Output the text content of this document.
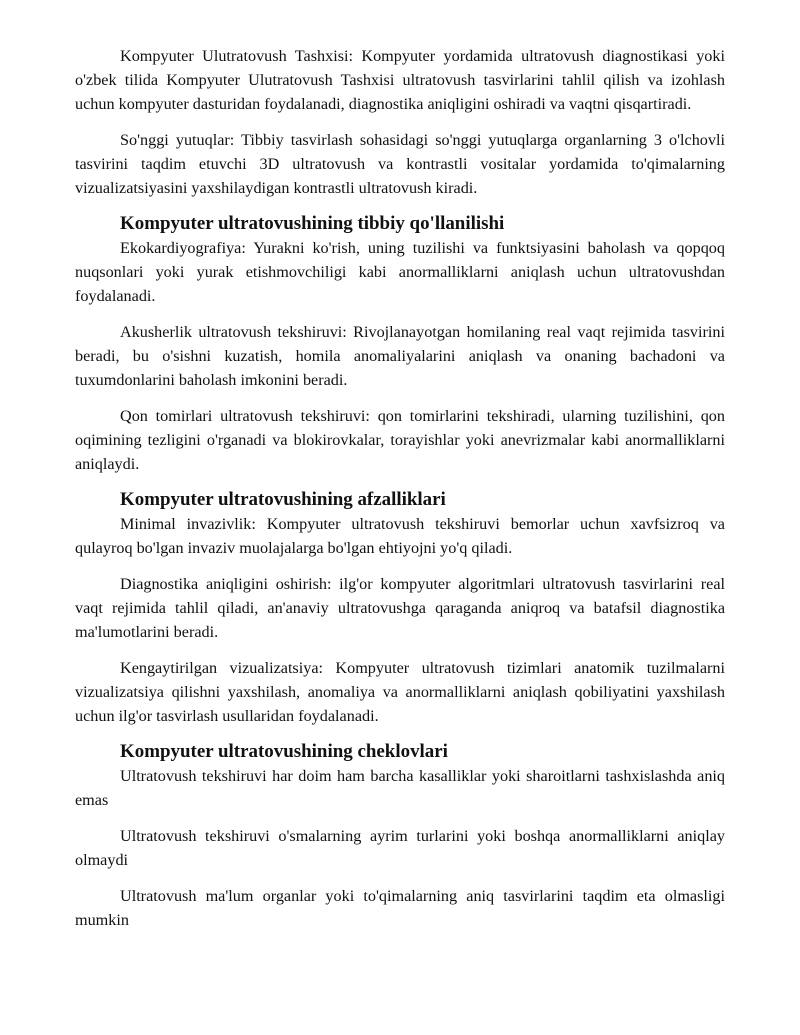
Kompyuter Ulutratovush Tashxisi: Kompyuter yordamida ultratovush diagnostikasi yoki o'zbek tilida Kompyuter Ulutratovush Tashxisi ultratovush tasvirlarini tahlil qilish va izohlash uchun kompyuter dasturidan foydalanadi, diagnostika aniqligini oshiradi va vaqtni qisqartiradi.

So'nggi yutuqlar: Tibbiy tasvirlash sohasidagi so'nggi yutuqlarga organlarning 3 o'lchovli tasvirini taqdim etuvchi 3D ultratovush va kontrastli vositalar yordamida to'qimalarning vizualizatsiyasini yaxshilaydigan kontrastli ultratovush kiradi.

Kompyuter ultratovushining tibbiy qo'llanilishi

Ekokardiyografiya: Yurakni ko'rish, uning tuzilishi va funktsiyasini baholash va qopqoq nuqsonlari yoki yurak etishmovchiligi kabi anormalliklarni aniqlash uchun ultratovushdan foydalanadi.

Akusherlik ultratovush tekshiruvi: Rivojlanayotgan homilaning real vaqt rejimida tasvirini beradi, bu o'sishni kuzatish, homila anomaliyalarini aniqlash va onaning bachadoni va tuxumdonlarini baholash imkonini beradi.

Qon tomirlari ultratovush tekshiruvi: qon tomirlarini tekshiradi, ularning tuzilishini, qon oqimining tezligini o'rganadi va blokirovkalar, torayishlar yoki anevrizmalar kabi anormalliklarni aniqlaydi.

Kompyuter ultratovushining afzalliklari

Minimal invazivlik: Kompyuter ultratovush tekshiruvi bemorlar uchun xavfsizroq va qulayroq bo'lgan invaziv muolajalarga bo'lgan ehtiyojni yo'q qiladi.

Diagnostika aniqligini oshirish: ilg'or kompyuter algoritmlari ultratovush tasvirlarini real vaqt rejimida tahlil qiladi, an'anaviy ultratovushga qaraganda aniqroq va batafsil diagnostika ma'lumotlarini beradi.

Kengaytirilgan vizualizatsiya: Kompyuter ultratovush tizimlari anatomik tuzilmalarni vizualizatsiya qilishni yaxshilash, anomaliya va anormalliklarni aniqlash qobiliyatini yaxshilash uchun ilg'or tasvirlash usullaridan foydalanadi.

Kompyuter ultratovushining cheklovlari

Ultratovush tekshiruvi har doim ham barcha kasalliklar yoki sharoitlarni tashxislashda aniq emas

Ultratovush tekshiruvi o'smalarning ayrim turlarini yoki boshqa anormalliklarni aniqlay olmaydi

Ultratovush ma'lum organlar yoki to'qimalarning aniq tasvirlarini taqdim eta olmasligi mumkin
